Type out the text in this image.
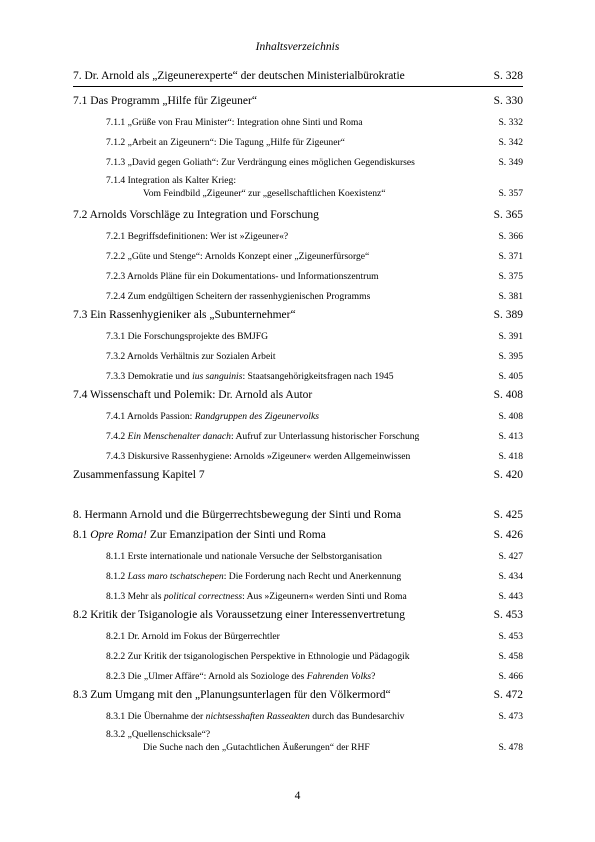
Inhaltsverzeichnis
7. Dr. Arnold als „Zigeunerexperte“ der deutschen Ministerialbürokratie	S. 328
7.1 Das Programm „Hilfe für Zigeuner“	S. 330
7.1.1 „Grüße von Frau Minister“: Integration ohne Sinti und Roma	S. 332
7.1.2 „Arbeit an Zigeunern“: Die Tagung „Hilfe für Zigeuner“	S. 342
7.1.3 „David gegen Goliath“: Zur Verdrängung eines möglichen Gegendiskurses	S. 349
7.1.4 Integration als Kalter Krieg:
Vom Feindbild „Zigeuner“ zur „gesellschaftlichen Koexistenz“	S. 357
7.2 Arnolds Vorschläge zu Integration und Forschung	S. 365
7.2.1 Begriffsdefinitionen: Wer ist »Zigeuner«?	S. 366
7.2.2 „Güte und Stenge“: Arnolds Konzept einer „Zigeunerfürsorge“	S. 371
7.2.3 Arnolds Pläne für ein Dokumentations- und Informationszentrum	S. 375
7.2.4 Zum endgültigen Scheitern der rassenhygienischen Programms	S. 381
7.3 Ein Rassenhygieniker als „Subunternehmer“	S. 389
7.3.1 Die Forschungsprojekte des BMJFG	S. 391
7.3.2 Arnolds Verhältnis zur Sozialen Arbeit	S. 395
7.3.3 Demokratie und ius sanguinis: Staatsangehörigkeitsfragen nach 1945	S. 405
7.4 Wissenschaft und Polemik: Dr. Arnold als Autor	S. 408
7.4.1 Arnolds Passion: Randgruppen des Zigeunervolks	S. 408
7.4.2 Ein Menschenalter danach: Aufruf zur Unterlassung historischer Forschung	S. 413
7.4.3 Diskursive Rassenhygiene: Arnolds »Zigeuner« werden Allgemeinwissen	S. 418
Zusammenfassung Kapitel 7	S. 420
8. Hermann Arnold und die Bürgerrechtsbewegung der Sinti und Roma	S. 425
8.1 Opre Roma! Zur Emanzipation der Sinti und Roma	S. 426
8.1.1 Erste internationale und nationale Versuche der Selbstorganisation	S. 427
8.1.2 Lass maro tschatschepen: Die Forderung nach Recht und Anerkennung	S. 434
8.1.3 Mehr als political correctness: Aus »Zigeunern« werden Sinti und Roma	S. 443
8.2 Kritik der Tsiganologie als Voraussetzung einer Interessenvertretung	S. 453
8.2.1 Dr. Arnold im Fokus der Bürgerrechtler	S. 453
8.2.2 Zur Kritik der tsiganologischen Perspektive in Ethnologie und Pädagogik	S. 458
8.2.3 Die „Ulmer Affäre“: Arnold als Soziologe des Fahrenden Volks?	S. 466
8.3 Zum Umgang mit den „Planungsunterlagen für den Völkermord“	S. 472
8.3.1 Die Übernahme der nichtsesshaften Rasseakten durch das Bundesarchiv	S. 473
8.3.2 „Quellenschicksale“?
Die Suche nach den „Gutachtlichen Äußerungen“ der RHF	S. 478
4
